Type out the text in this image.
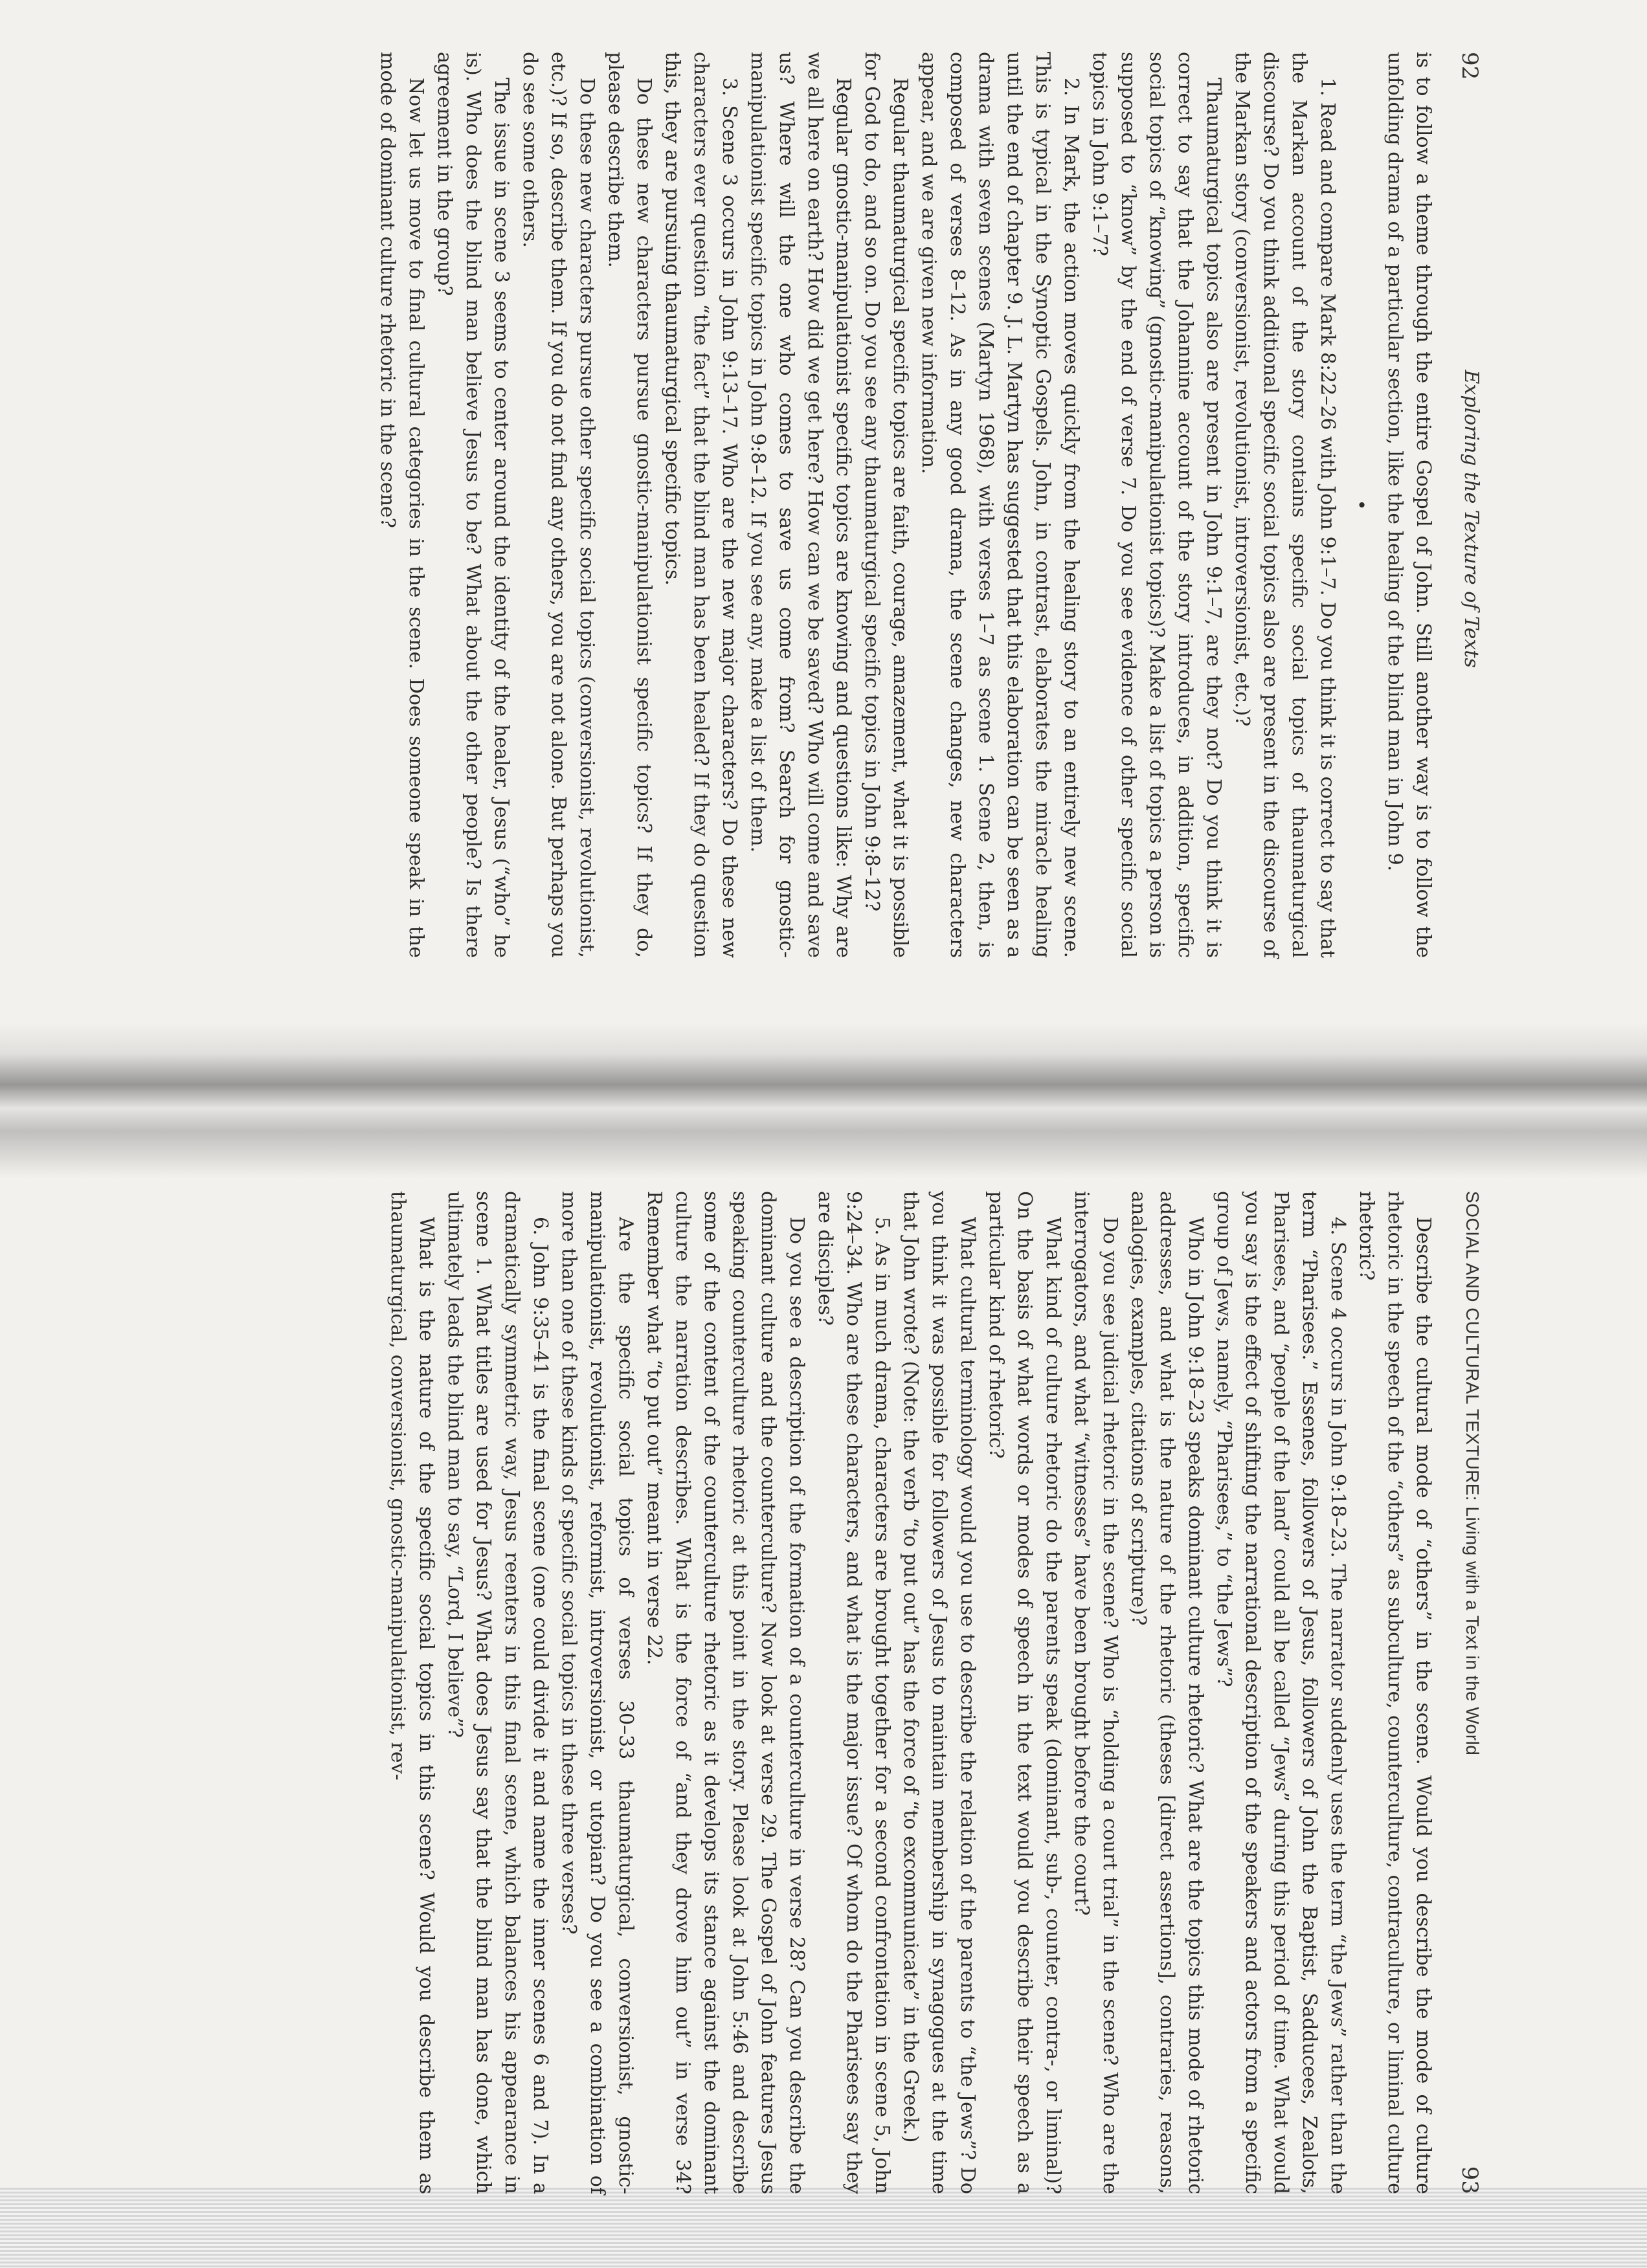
92
Exploring the Texture of Texts

is to follow a theme through the entire Gospel of John. Still another way is to follow the unfolding drama of a particular section, like the healing of the blind man in John 9.

•

1. Read and compare Mark 8:22–26 with John 9:1–7. Do you think it is correct to say that the Markan account of the story contains specific social topics of thaumaturgical discourse? Do you think additional specific social topics also are present in the discourse of the Markan story (conversionist, revolutionist, introversionist, etc.)?

Thaumaturgical topics also are present in John 9:1–7, are they not? Do you think it is correct to say that the Johannine account of the story introduces, in addition, specific social topics of “knowing” (gnostic-manipulationist topics)? Make a list of topics a person is supposed to “know” by the end of verse 7. Do you see evidence of other specific social topics in John 9:1–7?

2. In Mark, the action moves quickly from the healing story to an entirely new scene. This is typical in the Synoptic Gospels. John, in contrast, elaborates the miracle healing until the end of chapter 9. J. L. Martyn has suggested that this elaboration can be seen as a drama with seven scenes (Martyn 1968), with verses 1–7 as scene 1. Scene 2, then, is composed of verses 8–12. As in any good drama, the scene changes, new characters appear, and we are given new information.

Regular thaumaturgical specific topics are faith, courage, amazement, what it is possible for God to do, and so on. Do you see any thaumaturgical specific topics in John 9:8–12?

Regular gnostic-manipulationist specific topics are knowing and questions like: Why are we all here on earth? How did we get here? How can we be saved? Who will come and save us? Where will the one who comes to save us come from? Search for gnostic-manipulationist specific topics in John 9:8–12. If you see any, make a list of them.

3. Scene 3 occurs in John 9:13–17. Who are the new major characters? Do these new characters ever question “the fact” that the blind man has been healed? If they do question this, they are pursuing thaumaturgical specific topics.

Do these new characters pursue gnostic-manipulationist specific topics? If they do, please describe them.

Do these new characters pursue other specific social topics (conversionist, revolutionist, etc.)? If so, describe them. If you do not find any others, you are not alone. But perhaps you do see some others.

The issue in scene 3 seems to center around the identity of the healer, Jesus (“who” he is). Who does the blind man believe Jesus to be? What about the other people? Is there agreement in the group?

Now let us move to final cultural categories in the scene. Does someone speak in the mode of dominant culture rhetoric in the scene?

SOCIAL AND CULTURAL TEXTURE: Living with a Text in the World
93

Describe the cultural mode of “others” in the scene. Would you describe the mode of culture rhetoric in the speech of the “others” as subculture, counterculture, contraculture, or liminal culture rhetoric?

4. Scene 4 occurs in John 9:18–23. The narrator suddenly uses the term “the Jews” rather than the term “Pharisees.” Essenes, followers of Jesus, followers of John the Baptist, Sadducees, Zealots, Pharisees, and “people of the land” could all be called “Jews” during this period of time. What would you say is the effect of shifting the narrational description of the speakers and actors from a specific group of Jews, namely, “Pharisees,” to “the Jews”?

Who in John 9:18–23 speaks dominant culture rhetoric? What are the topics this mode of rhetoric addresses, and what is the nature of the rhetoric (theses [direct assertions], contraries, reasons, analogies, examples, citations of scripture)?

Do you see judicial rhetoric in the scene? Who is “holding a court trial” in the scene? Who are the interrogators, and what “witnesses” have been brought before the court?

What kind of culture rhetoric do the parents speak (dominant, sub-, counter, contra-, or liminal)? On the basis of what words or modes of speech in the text would you describe their speech as a particular kind of rhetoric?

What cultural terminology would you use to describe the relation of the parents to “the Jews”? Do you think it was possible for followers of Jesus to maintain membership in synagogues at the time that John wrote? (Note: the verb “to put out” has the force of “to excommunicate” in the Greek.)

5. As in much drama, characters are brought together for a second confrontation in scene 5, John 9:24–34. Who are these characters, and what is the major issue? Of whom do the Pharisees say they are disciples?

Do you see a description of the formation of a counterculture in verse 28? Can you describe the dominant culture and the counterculture? Now look at verse 29. The Gospel of John features Jesus speaking counterculture rhetoric at this point in the story. Please look at John 5:46 and describe some of the content of the counterculture rhetoric as it develops its stance against the dominant culture the narration describes. What is the force of “and they drove him out” in verse 34? Remember what “to put out” meant in verse 22.

Are the specific social topics of verses 30–33 thaumaturgical, conversionist, gnostic-manipulationist, revolutionist, reformist, introversionist, or utopian? Do you see a combination of more than one of these kinds of specific social topics in these three verses?

6. John 9:35–41 is the final scene (one could divide it and name the inner scenes 6 and 7). In a dramatically symmetric way, Jesus reenters in this final scene, which balances his appearance in scene 1. What titles are used for Jesus? What does Jesus say that the blind man has done, which ultimately leads the blind man to say, “Lord, I believe”?

What is the nature of the specific social topics in this scene? Would you describe them as thaumaturgical, conversionist, gnostic-manipulationist, rev-
